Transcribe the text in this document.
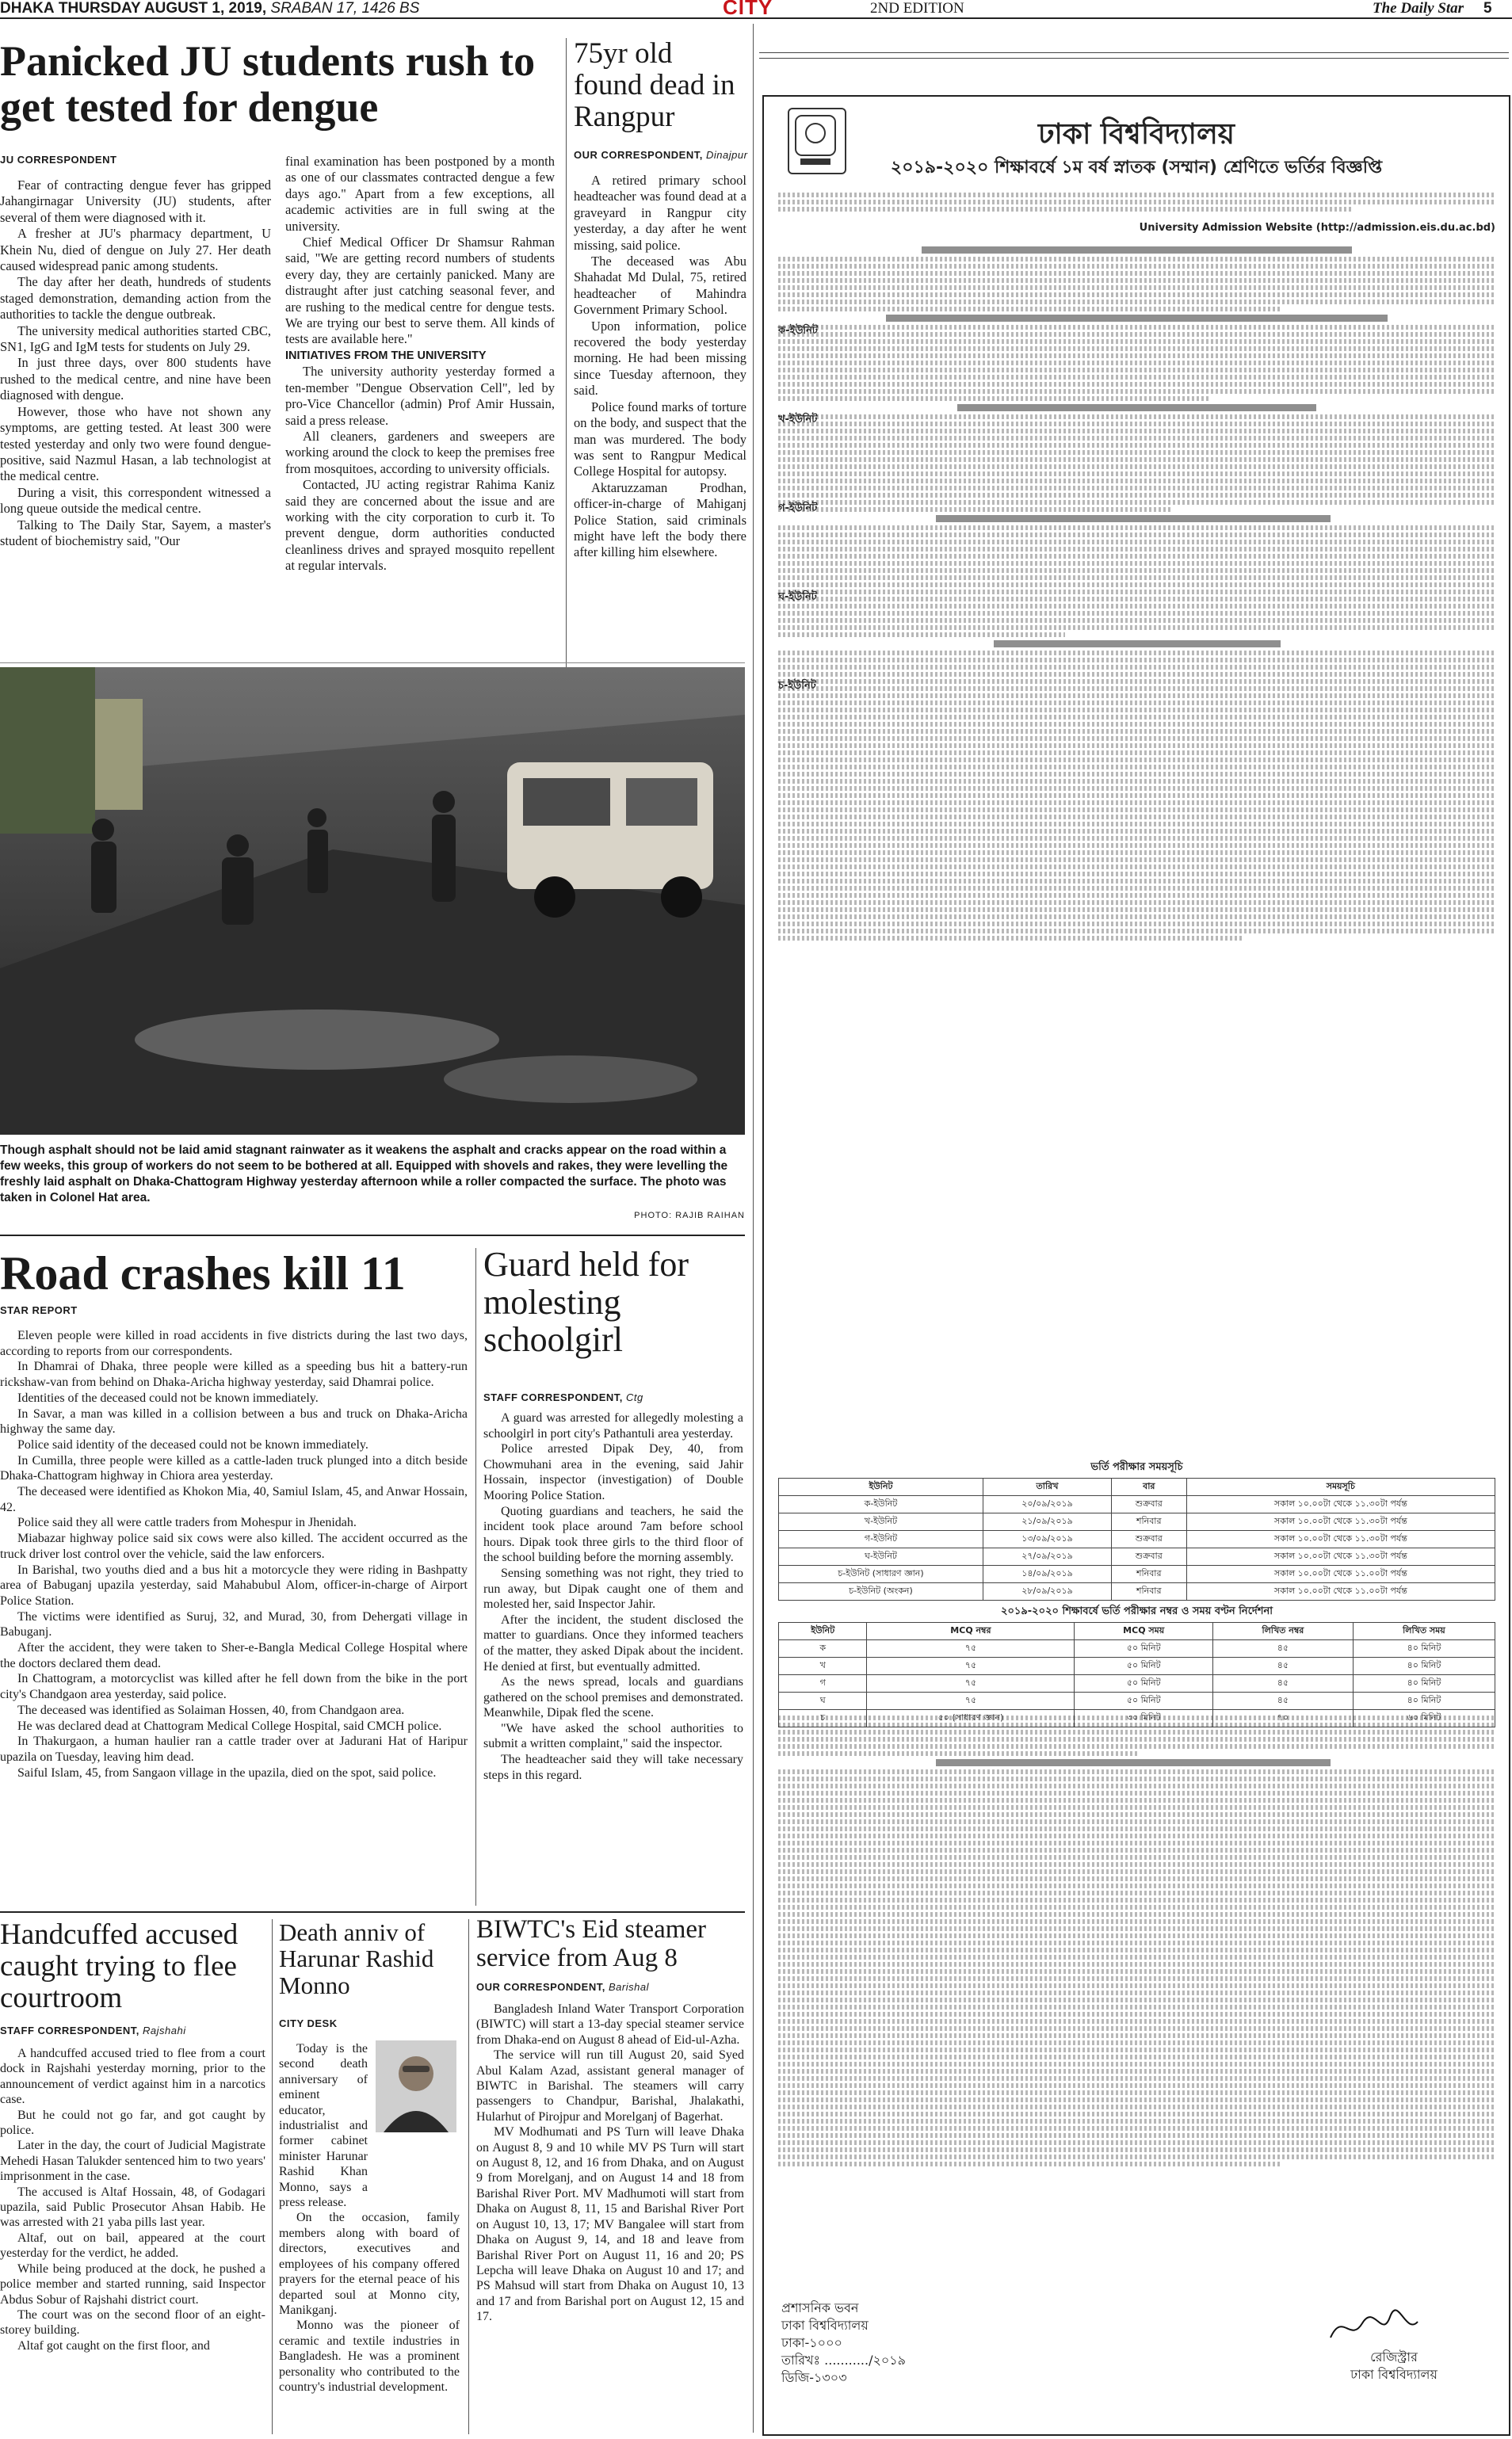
DHAKA THURSDAY AUGUST 1, 2019, SRABAN 17, 1426 BS	CITY	2ND EDITION	The Daily Star 5
Panicked JU students rush to get tested for dengue
JU CORRESPONDENT

Fear of contracting dengue fever has gripped Jahangirnagar University (JU) students, after several of them were diagnosed with it.

A fresher at JU's pharmacy department, U Khein Nu, died of dengue on July 27. Her death caused widespread panic among students.

The day after her death, hundreds of students staged demonstration, demanding action from the authorities to tackle the dengue outbreak.

The university medical authorities started CBC, SN1, IgG and IgM tests for students on July 29.

In just three days, over 800 students have rushed to the medical centre, and nine have been diagnosed with dengue.

However, those who have not shown any symptoms, are getting tested. At least 300 were tested yesterday and only two were found dengue-positive, said Nazmul Hasan, a lab technologist at the medical centre.

During a visit, this correspondent witnessed a long queue outside the medical centre.

Talking to The Daily Star, Sayem, a master's student of biochemistry said, "Our

final examination has been postponed by a month as one of our classmates contracted dengue a few days ago." Apart from a few exceptions, all academic activities are in full swing at the university.

Chief Medical Officer Dr Shamsur Rahman said, "We are getting record numbers of students every day, they are certainly panicked. Many are distraught after just catching seasonal fever, and are rushing to the medical centre for dengue tests. We are trying our best to serve them. All kinds of tests are available here."

INITIATIVES FROM THE UNIVERSITY

The university authority yesterday formed a ten-member "Dengue Observation Cell", led by pro-Vice Chancellor (admin) Prof Amir Hussain, said a press release.

All cleaners, gardeners and sweepers are working around the clock to keep the premises free from mosquitoes, according to university officials.

Contacted, JU acting registrar Rahima Kaniz said they are concerned about the issue and are working with the city corporation to curb it. To prevent dengue, dorm authorities conducted cleanliness drives and sprayed mosquito repellent at regular intervals.

75yr old found dead in Rangpur
OUR CORRESPONDENT, Dinajpur

A retired primary school headteacher was found dead at a graveyard in Rangpur city yesterday, a day after he went missing, said police.

The deceased was Abu Shahadat Md Dulal, 75, retired headteacher of Mahindra Government Primary School.

Upon information, police recovered the body yesterday morning. He had been missing since Tuesday afternoon, they said.

Police found marks of torture on the body, and suspect that the man was murdered. The body was sent to Rangpur Medical College Hospital for autopsy.

Aktaruzzaman Prodhan, officer-in-charge of Mahiganj Police Station, said criminals might have left the body there after killing him elsewhere.

Though asphalt should not be laid amid stagnant rainwater as it weakens the asphalt and cracks appear on the road within a few weeks, this group of workers do not seem to be bothered at all. Equipped with shovels and rakes, they were levelling the freshly laid asphalt on Dhaka-Chattogram Highway yesterday afternoon while a roller compacted the surface. The photo was taken in Colonel Hat area.
PHOTO: RAJIB RAIHAN
Road crashes kill 11
STAR REPORT

Eleven people were killed in road accidents in five districts during the last two days, according to reports from our correspondents.

In Dhamrai of Dhaka, three people were killed as a speeding bus hit a battery-run rickshaw-van from behind on Dhaka-Aricha highway yesterday, said Dhamrai police.

Identities of the deceased could not be known immediately.

In Savar, a man was killed in a collision between a bus and truck on Dhaka-Aricha highway the same day.

Police said identity of the deceased could not be known immediately.

In Cumilla, three people were killed as a cattle-laden truck plunged into a ditch beside Dhaka-Chattogram highway in Chiora area yesterday.

The deceased were identified as Khokon Mia, 40, Samiul Islam, 45, and Anwar Hossain, 42.

Police said they all were cattle traders from Mohespur in Jhenidah.

Miabazar highway police said six cows were also killed. The accident occurred as the truck driver lost control over the vehicle, said the law enforcers.

In Barishal, two youths died and a bus hit a motorcycle they were riding in Bashpatty area of Babuganj upazila yesterday, said Mahabubul Alom, officer-in-charge of Airport Police Station.

The victims were identified as Suruj, 32, and Murad, 30, from Dehergati village in Babuganj.

After the accident, they were taken to Sher-e-Bangla Medical College Hospital where the doctors declared them dead.

In Chattogram, a motorcyclist was killed after he fell down from the bike in the port city's Chandgaon area yesterday, said police.

The deceased was identified as Solaiman Hossen, 40, from Chandgaon area.

He was declared dead at Chattogram Medical College Hospital, said CMCH police.

In Thakurgaon, a human haulier ran a cattle trader over at Jadurani Hat of Haripur upazila on Tuesday, leaving him dead.

Saiful Islam, 45, from Sangaon village in the upazila, died on the spot, said police.

Guard held for molesting schoolgirl
STAFF CORRESPONDENT, Ctg

A guard was arrested for allegedly molesting a schoolgirl in port city's Pathantuli area yesterday.

Police arrested Dipak Dey, 40, from Chowmuhani area in the evening, said Jahir Hossain, inspector (investigation) of Double Mooring Police Station.

Quoting guardians and teachers, he said the incident took place around 7am before school hours. Dipak took three girls to the third floor of the school building before the morning assembly.

Sensing something was not right, they tried to run away, but Dipak caught one of them and molested her, said Inspector Jahir.

After the incident, the student disclosed the matter to guardians. Once they informed teachers of the matter, they asked Dipak about the incident. He denied at first, but eventually admitted.

As the news spread, locals and guardians gathered on the school premises and demonstrated. Meanwhile, Dipak fled the scene.

"We have asked the school authorities to submit a written complaint," said the inspector.

The headteacher said they will take necessary steps in this regard.

Handcuffed accused caught trying to flee courtroom
STAFF CORRESPONDENT, Rajshahi

A handcuffed accused tried to flee from a court dock in Rajshahi yesterday morning, prior to the announcement of verdict against him in a narcotics case.

But he could not go far, and got caught by police.

Later in the day, the court of Judicial Magistrate Mehedi Hasan Talukder sentenced him to two years' imprisonment in the case.

The accused is Altaf Hossain, 48, of Godagari upazila, said Public Prosecutor Ahsan Habib. He was arrested with 21 yaba pills last year.

Altaf, out on bail, appeared at the court yesterday for the verdict, he added.

While being produced at the dock, he pushed a police member and started running, said Inspector Abdus Sobur of Rajshahi district court.

The court was on the second floor of an eight-storey building.

Altaf got caught on the first floor, and

Death anniv of Harunar Rashid Monno
CITY DESK

Today is the second death anniversary of eminent educator, industrialist and former cabinet minister Harunar Rashid Khan Monno, says a press release.

On the occasion, family members along with board of directors, executives and employees of his company offered prayers for the eternal peace of his departed soul at Monno city, Manikganj.

Monno was the pioneer of ceramic and textile industries in Bangladesh. He was a prominent personality who contributed to the country's industrial development.

BIWTC's Eid steamer service from Aug 8
OUR CORRESPONDENT, Barishal

Bangladesh Inland Water Transport Corporation (BIWTC) will start a 13-day special steamer service from Dhaka-end on August 8 ahead of Eid-ul-Azha.

The service will run till August 20, said Syed Abul Kalam Azad, assistant general manager of BIWTC in Barishal. The steamers will carry passengers to Chandpur, Barishal, Jhalakathi, Hularhut of Pirojpur and Morelganj of Bagerhat.

MV Modhumati and PS Turn will leave Dhaka on August 8, 9 and 10 while MV PS Turn will start on August 8, 12, and 16 from Dhaka, and on August 9 from Morelganj, and on August 14 and 18 from Barishal River Port. MV Madhumoti will start from Dhaka on August 8, 11, 15 and Barishal River Port on August 10, 13, 17; MV Bangalee will start from Dhaka on August 9, 14, and 18 and leave from Barishal River Port on August 11, 16 and 20; PS Lepcha will leave Dhaka on August 10 and 17; and PS Mahsud will start from Dhaka on August 10, 13 and 17 and from Barishal port on August 12, 15 and 17.

ঢাকা বিশ্ববিদ্যালয়
২০১৯-২০২০ শিক্ষাবর্ষে ১ম বর্ষ স্নাতক (সম্মান) শ্রেণিতে ভর্তির বিজ্ঞপ্তি
University Admission Website (http://admission.eis.du.ac.bd)
ক-ইউনিট
খ-ইউনিট
গ-ইউনিট
ঘ-ইউনিট
চ-ইউনিট
ভর্তি পরীক্ষার সময়সূচি
ইউনিট	তারিখ	বার	সময়সূচি
ক-ইউনিট	২০/০৯/২০১৯	শুক্রবার	সকাল ১০.০০টা থেকে ১১.৩০টা পর্যন্ত
খ-ইউনিট	২১/০৯/২০১৯	শনিবার	সকাল ১০.০০টা থেকে ১১.৩০টা পর্যন্ত
গ-ইউনিট	১৩/০৯/২০১৯	শুক্রবার	সকাল ১০.০০টা থেকে ১১.৩০টা পর্যন্ত
ঘ-ইউনিট	২৭/০৯/২০১৯	শুক্রবার	সকাল ১০.০০টা থেকে ১১.৩০টা পর্যন্ত
চ-ইউনিট (সাধারণ জ্ঞান)	১৪/০৯/২০১৯	শনিবার	সকাল ১০.০০টা থেকে ১১.০০টা পর্যন্ত
চ-ইউনিট (অংকন)	২৮/০৯/২০১৯	শনিবার	সকাল ১০.০০টা থেকে ১১.০০টা পর্যন্ত
২০১৯-২০২০ শিক্ষাবর্ষে ভর্তি পরীক্ষার নম্বর ও সময় বণ্টন নির্দেশনা
ইউনিট	MCQ নম্বর	MCQ সময়	লিখিত নম্বর	লিখিত সময়
ক	৭৫	৫০ মিনিট	৪৫	৪০ মিনিট
খ	৭৫	৫০ মিনিট	৪৫	৪০ মিনিট
গ	৭৫	৫০ মিনিট	৪৫	৪০ মিনিট
ঘ	৭৫	৫০ মিনিট	৪৫	৪০ মিনিট
চ	৫০ (সাধারণ জ্ঞান)	৩০ মিনিট	৭০	৬০ মিনিট
প্রশাসনিক ভবন
ঢাকা বিশ্ববিদ্যালয়
ঢাকা-১০০০
তারিখঃ .........../২০১৯
ডিজি-১৩০৩
রেজিস্ট্রার
ঢাকা বিশ্ববিদ্যালয়
